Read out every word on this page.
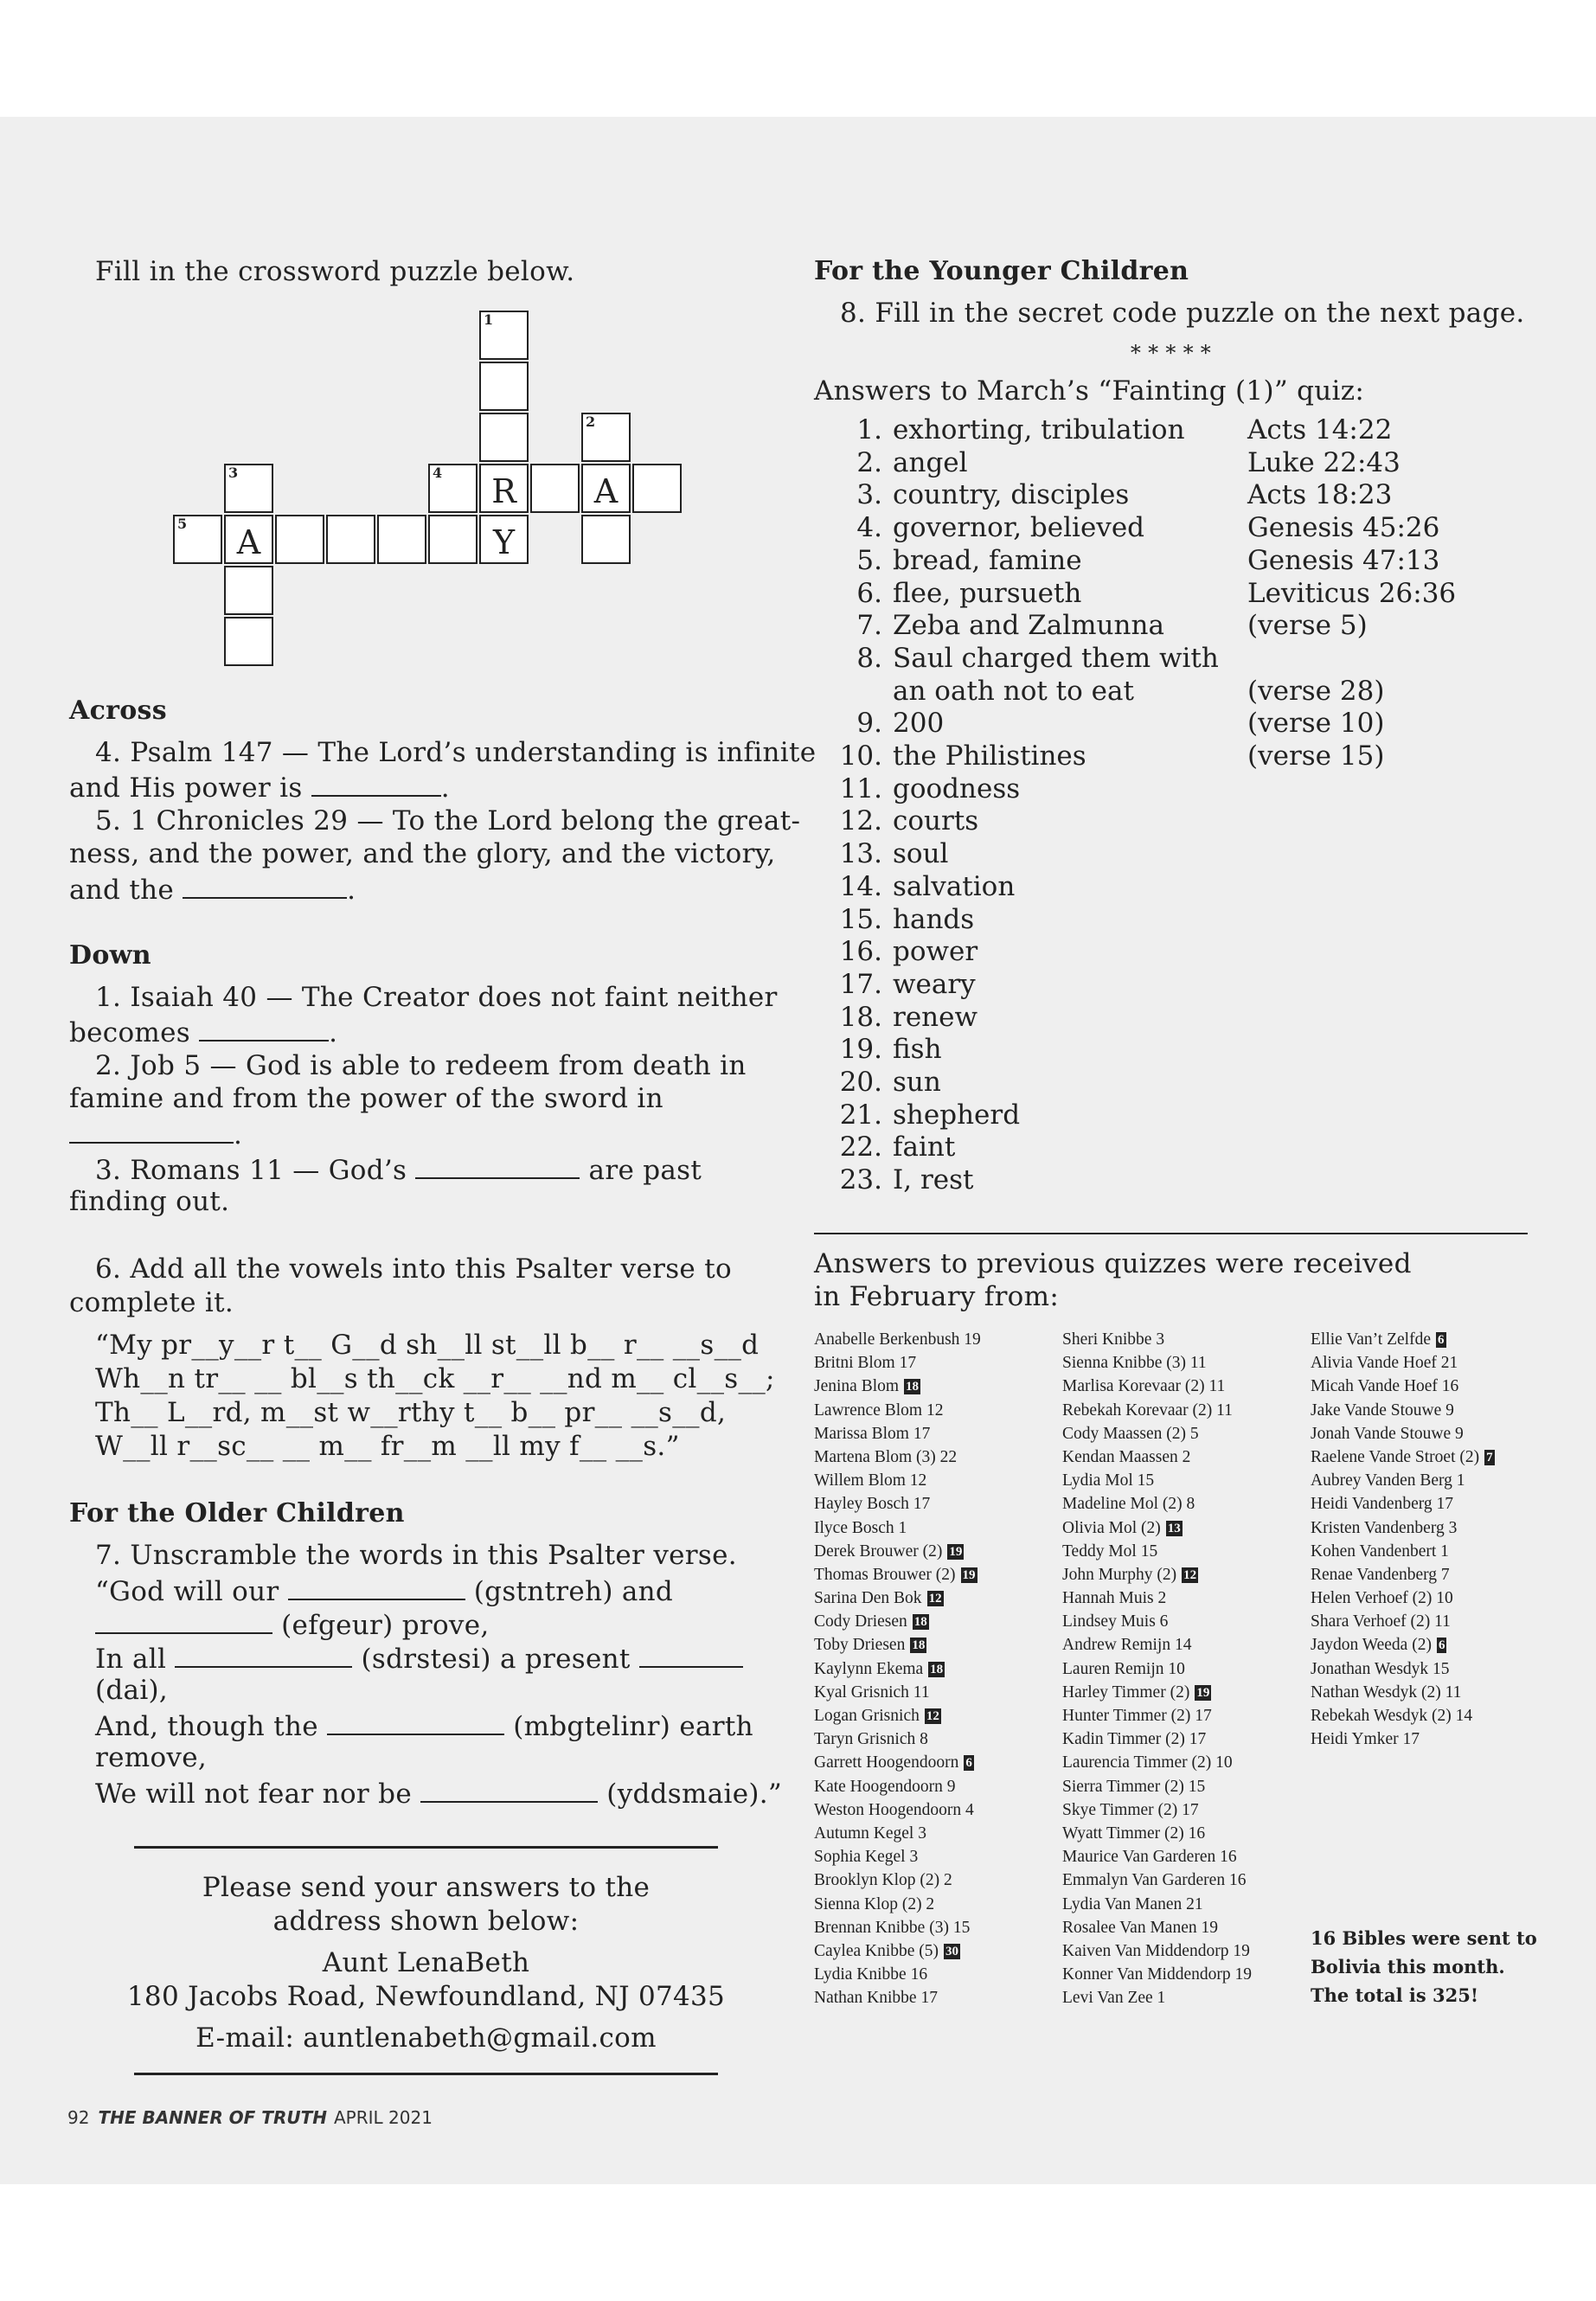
Fill in the crossword puzzle below.
1
R
Y
2
A
4
3
A
5
Across
4. Psalm 147 — The Lord’s understanding is infinite
and His power is	.
5. 1 Chronicles 29 — To the Lord belong the great-
ness, and the power, and the glory, and the victory,
and the	.
Down
1. Isaiah 40 — The Creator does not faint neither
becomes	.
2. Job 5 — God is able to redeem from death in
famine and from the power of the sword in
.
3. Romans 11 — God’s	are past
finding out.
6. Add all the vowels into this Psalter verse to
complete it.
“My pr__y__r t__ G__d sh__ll st__ll b__ r__ __s__d
Wh__n tr__ __ bl__s th__ck __r__ __nd m__ cl__s__;
Th__ L__rd, m__st w__rthy t__ b__ pr__ __s__d,
W__ll r__sc__ __ m__ fr__m __ll my f__ __s.”
For the Older Children
7. Unscramble the words in this Psalter verse.
“God will our	(gstntreh) and
(efgeur) prove,
In all	(sdrstesi) a present
(dai),
And, though the	(mbgtelinr) earth
remove,
We will not fear nor be	(yddsmaie).”
Please send your answers to the
address shown below:
Aunt LenaBeth
180 Jacobs Road, Newfoundland, NJ 07435
E-mail: auntlenabeth@gmail.com
For the Younger Children
8. Fill in the secret code puzzle on the next page.
* * * * *
Answers to March’s “Fainting (1)” quiz:
1. exhorting, tribulation Acts 14:22
2. angel	Luke 22:43
3. country, disciples	Acts 18:23
4. governor, believed	Genesis 45:26
5. bread, famine	Genesis 47:13
6. flee, pursueth	Leviticus 26:36
7. Zeba and Zalmunna	(verse 5)
8. Saul charged them with
an oath not to eat	(verse 28)
9. 200	(verse 10)
10. the Philistines	(verse 15)
11. goodness
12. courts
13. soul
14. salvation
15. hands
16. power
17. weary
18. renew
19. fish
20. sun
21. shepherd
22. faint
23. I, rest
Answers to previous quizzes were received
in February from:
Anabelle Berkenbush 19
Britni Blom 17
Jenina Blom 18
Lawrence Blom 12
Marissa Blom 17
Martena Blom (3) 22
Willem Blom 12
Hayley Bosch 17
Ilyce Bosch 1
Derek Brouwer (2) 19
Thomas Brouwer (2) 19
Sarina Den Bok 12
Cody Driesen 18
Toby Driesen 18
Kaylynn Ekema 18
Kyal Grisnich 11
Logan Grisnich 12
Taryn Grisnich 8
Garrett Hoogendoorn 6
Kate Hoogendoorn 9
Weston Hoogendoorn 4
Autumn Kegel 3
Sophia Kegel 3
Brooklyn Klop (2) 2
Sienna Klop (2) 2
Brennan Knibbe (3) 15
Caylea Knibbe (5) 30
Lydia Knibbe 16
Nathan Knibbe 17
Sheri Knibbe 3
Sienna Knibbe (3) 11
Marlisa Korevaar (2) 11
Rebekah Korevaar (2) 11
Cody Maassen (2) 5
Kendan Maassen 2
Lydia Mol 15
Madeline Mol (2) 8
Olivia Mol (2) 13
Teddy Mol 15
John Murphy (2) 12
Hannah Muis 2
Lindsey Muis 6
Andrew Remijn 14
Lauren Remijn 10
Harley Timmer (2) 19
Hunter Timmer (2) 17
Kadin Timmer (2) 17
Laurencia Timmer (2) 10
Sierra Timmer (2) 15
Skye Timmer (2) 17
Wyatt Timmer (2) 16
Maurice Van Garderen 16
Emmalyn Van Garderen 16
Lydia Van Manen 21
Rosalee Van Manen 19
Kaiven Van Middendorp 19
Konner Van Middendorp 19
Levi Van Zee 1
Ellie Van’t Zelfde 6
Alivia Vande Hoef 21
Micah Vande Hoef 16
Jake Vande Stouwe 9
Jonah Vande Stouwe 9
Raelene Vande Stroet (2) 7
Aubrey Vanden Berg 1
Heidi Vandenberg 17
Kristen Vandenberg 3
Kohen Vandenbert 1
Renae Vandenberg 7
Helen Verhoef (2) 10
Shara Verhoef (2) 11
Jaydon Weeda (2) 6
Jonathan Wesdyk 15
Nathan Wesdyk (2) 11
Rebekah Wesdyk (2) 14
Heidi Ymker 17
16 Bibles were sent to
Bolivia this month.
The total is 325!
92 THE BANNER OF TRUTH APRIL 2021
